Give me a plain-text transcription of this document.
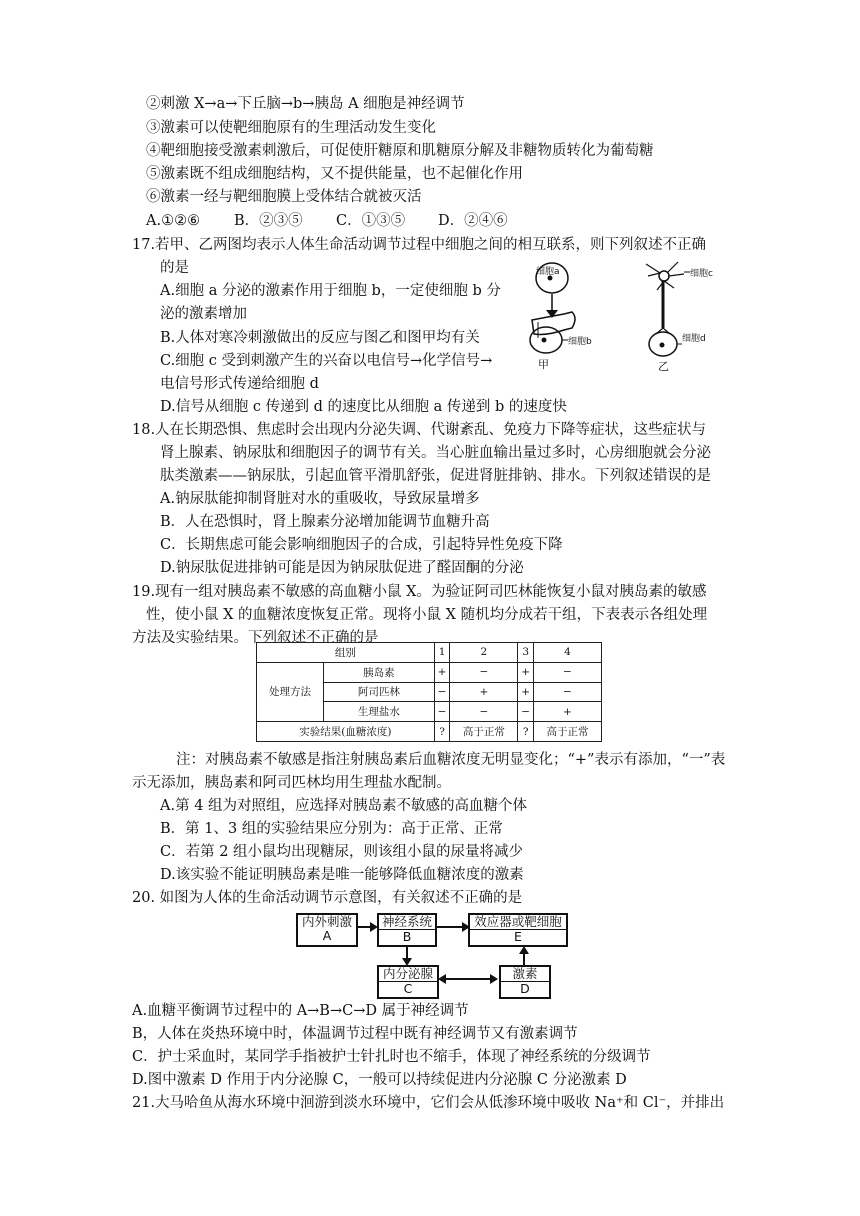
②刺激 X→a→下丘脑→b→胰岛 A 细胞是神经调节
③激素可以使靶细胞原有的生理活动发生变化
④靶细胞接受激素刺激后，可促使肝糖原和肌糖原分解及非糖物质转化为葡萄糖
⑤激素既不组成细胞结构，又不提供能量，也不起催化作用
⑥激素一经与靶细胞膜上受体结合就被灭活
A.①②⑥ B．②③⑤ C．①③⑤ D．②④⑥
17.若甲、乙两图均表示人体生命活动调节过程中细胞之间的相互联系，则下列叙述不正确
的是
A.细胞 a 分泌的激素作用于细胞 b，一定使细胞 b 分
泌的激素增加
B.人体对寒冷刺激做出的反应与图乙和图甲均有关
C.细胞 c 受到刺激产生的兴奋以电信号→化学信号→
电信号形式传递给细胞 d
D.信号从细胞 c 传递到 d 的速度比从细胞 a 传递到 b 的速度快
细胞a
细胞b
甲
细胞c
细胞d
乙
18.人在长期恐惧、焦虑时会出现内分泌失调、代谢紊乱、免疫力下降等症状，这些症状与
肾上腺素、钠尿肽和细胞因子的调节有关。当心脏血输出量过多时，心房细胞就会分泌
肽类激素——钠尿肽，引起血管平滑肌舒张，促进肾脏排钠、排水。下列叙述错误的是
A.钠尿肽能抑制肾脏对水的重吸收，导致尿量增多
B．人在恐惧时，肾上腺素分泌增加能调节血糖升高
C．长期焦虑可能会影响细胞因子的合成，引起特异性免疫下降
D.钠尿肽促进排钠可能是因为钠尿肽促进了醛固酮的分泌
19.现有一组对胰岛素不敏感的高血糖小鼠 X。为验证阿司匹林能恢复小鼠对胰岛素的敏感
性，使小鼠 X 的血糖浓度恢复正常。现将小鼠 X 随机均分成若干组，下表表示各组处理
方法及实验结果。下列叙述不正确的是
组别		1	2	3	4
处理方法	胰岛素	+	−	+	−
	阿司匹林	−	+	+	−
	生理盐水	−	−	−	+
实验结果(血糖浓度)		?	高于正常	?	高于正常
注：对胰岛素不敏感是指注射胰岛素后血糖浓度无明显变化；“+”表示有添加，“一”表
示无添加，胰岛素和阿司匹林均用生理盐水配制。
A.第 4 组为对照组，应选择对胰岛素不敏感的高血糖个体
B．第 1、3 组的实验结果应分别为：高于正常、正常
C．若第 2 组小鼠均出现糖尿，则该组小鼠的尿量将减少
D.该实验不能证明胰岛素是唯一能够降低血糖浓度的激素
20. 如图为人体的生命活动调节示意图，有关叙述不正确的是
内外刺激
A
神经系统
B
效应器或靶细胞
E
内分泌腺
C
激素
D
A.血糖平衡调节过程中的 A→B→C→D 属于神经调节
B，人体在炎热环境中时，体温调节过程中既有神经调节又有激素调节
C．护士采血时，某同学手指被护士针扎时也不缩手，体现了神经系统的分级调节
D.图中激素 D 作用于内分泌腺 C，一般可以持续促进内分泌腺 C 分泌激素 D
21.大马哈鱼从海水环境中洄游到淡水环境中，它们会从低渗环境中吸收 Na⁺和 Cl⁻，并排出
